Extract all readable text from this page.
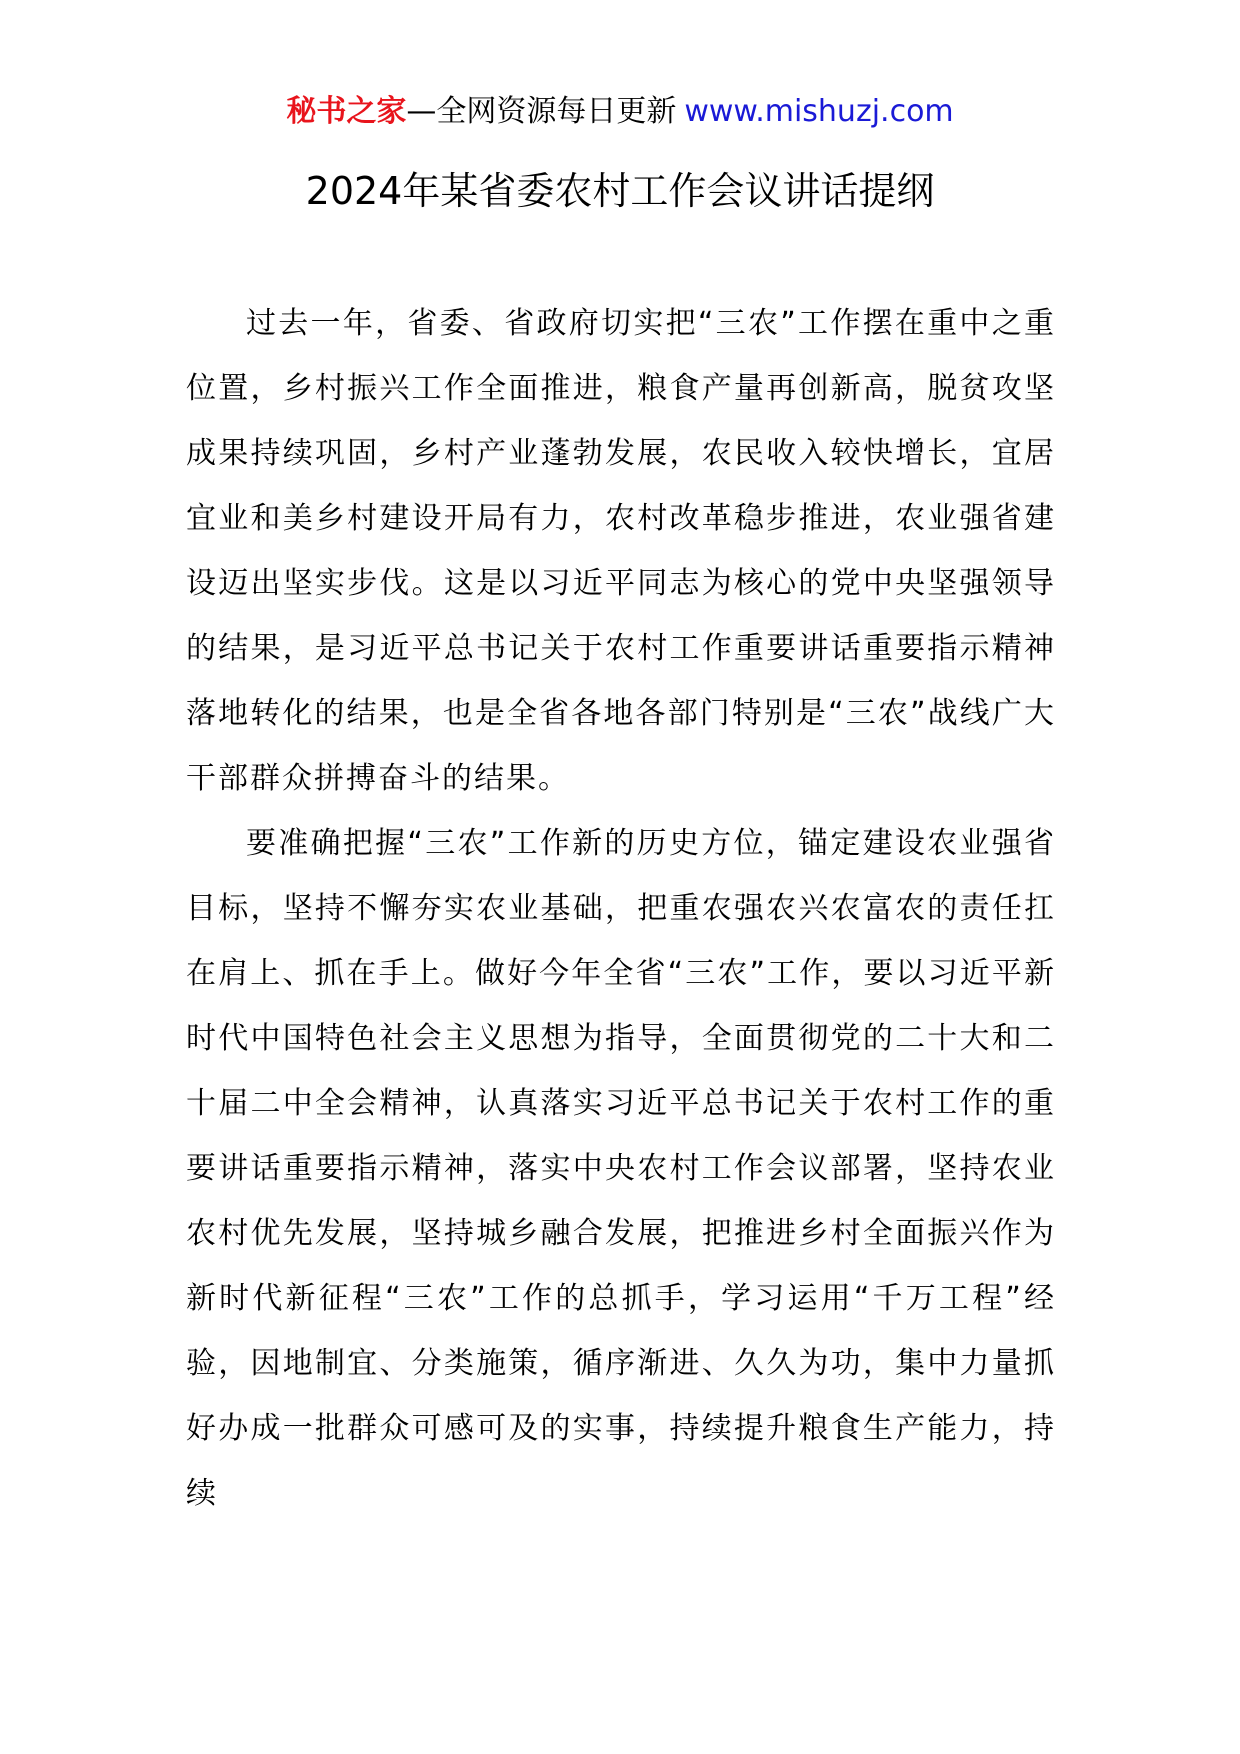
秘书之家—全网资源每日更新 www.mishuzj.com
2024年某省委农村工作会议讲话提纲

过去一年，省委、省政府切实把“三农”工作摆在重中之重位置，乡村振兴工作全面推进，粮食产量再创新高，脱贫攻坚成果持续巩固，乡村产业蓬勃发展，农民收入较快增长，宜居宜业和美乡村建设开局有力，农村改革稳步推进，农业强省建设迈出坚实步伐。这是以习近平同志为核心的党中央坚强领导的结果，是习近平总书记关于农村工作重要讲话重要指示精神落地转化的结果，也是全省各地各部门特别是“三农”战线广大干部群众拼搏奋斗的结果。

要准确把握“三农”工作新的历史方位，锚定建设农业强省目标，坚持不懈夯实农业基础，把重农强农兴农富农的责任扛在肩上、抓在手上。做好今年全省“三农”工作，要以习近平新时代中国特色社会主义思想为指导，全面贯彻党的二十大和二十届二中全会精神，认真落实习近平总书记关于农村工作的重要讲话重要指示精神，落实中央农村工作会议部署，坚持农业农村优先发展，坚持城乡融合发展，把推进乡村全面振兴作为新时代新征程“三农”工作的总抓手，学习运用“千万工程”经验，因地制宜、分类施策，循序渐进、久久为功，集中力量抓好办成一批群众可感可及的实事，持续提升粮食生产能力，持续
